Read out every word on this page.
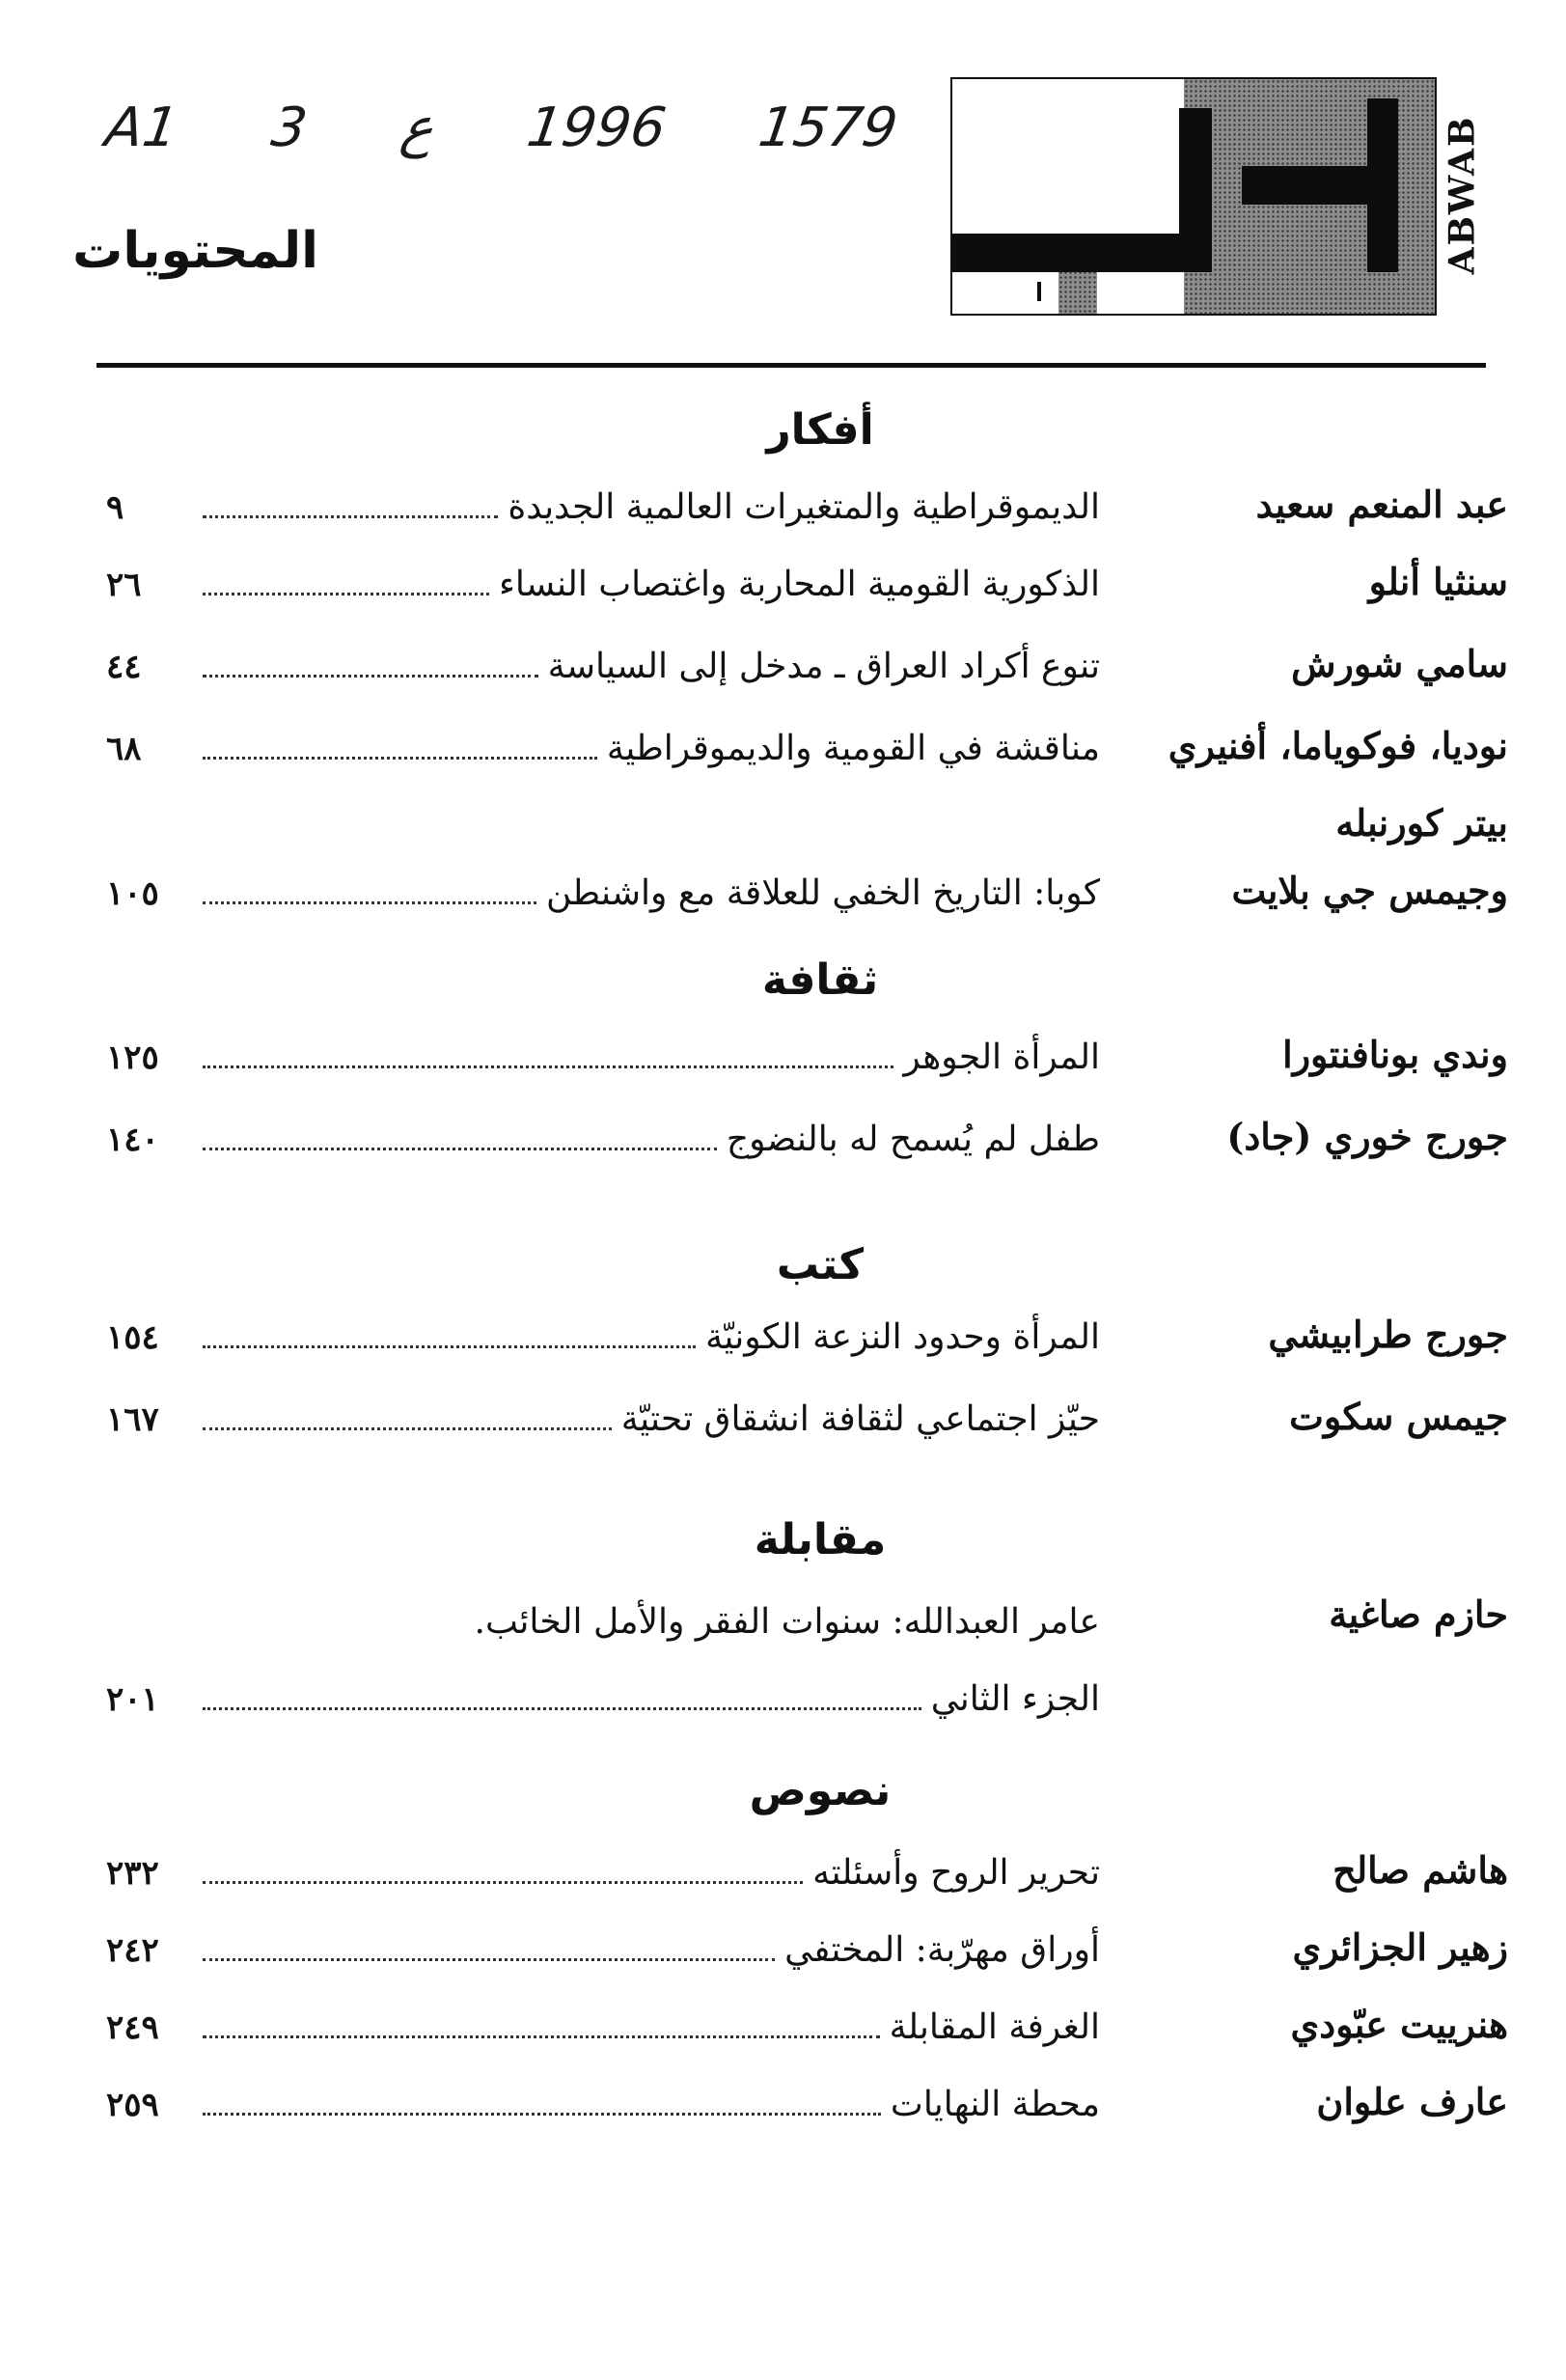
A1 3 ع 1996 1579
المحتويات	ABWAB
أفكار
عبد المنعم سعيد
الديموقراطية والمتغيرات العالمية الجديدة
٩
سنثيا أنلو
الذكورية القومية المحاربة واغتصاب النساء
٢٦
سامي شورش
تنوع أكراد العراق ـ مدخل إلى السياسة
٤٤
نوديا، فوكوياما، أفنيري
مناقشة في القومية والديموقراطية
٦٨
بيتر كورنبله
وجيمس جي بلايت
كوبا: التاريخ الخفي للعلاقة مع واشنطن
١٠٥
ثقافة
وندي بونافنتورا
المرأة الجوهر
١٢٥
جورج خوري (جاد)
طفل لم يُسمح له بالنضوج
١٤٠
كتب
جورج طرابيشي
المرأة وحدود النزعة الكونيّة
١٥٤
جيمس سكوت
حيّز اجتماعي لثقافة انشقاق تحتيّة
١٦٧
مقابلة
حازم صاغية
عامر العبدالله: سنوات الفقر والأمل الخائب.
الجزء الثاني
٢٠١
نصوص
هاشم صالح
تحرير الروح وأسئلته
٢٣٢
زهير الجزائري
أوراق مهرّبة: المختفي
٢٤٢
هنرييت عبّودي
الغرفة المقابلة
٢٤٩
عارف علوان
محطة النهايات
٢٥٩
